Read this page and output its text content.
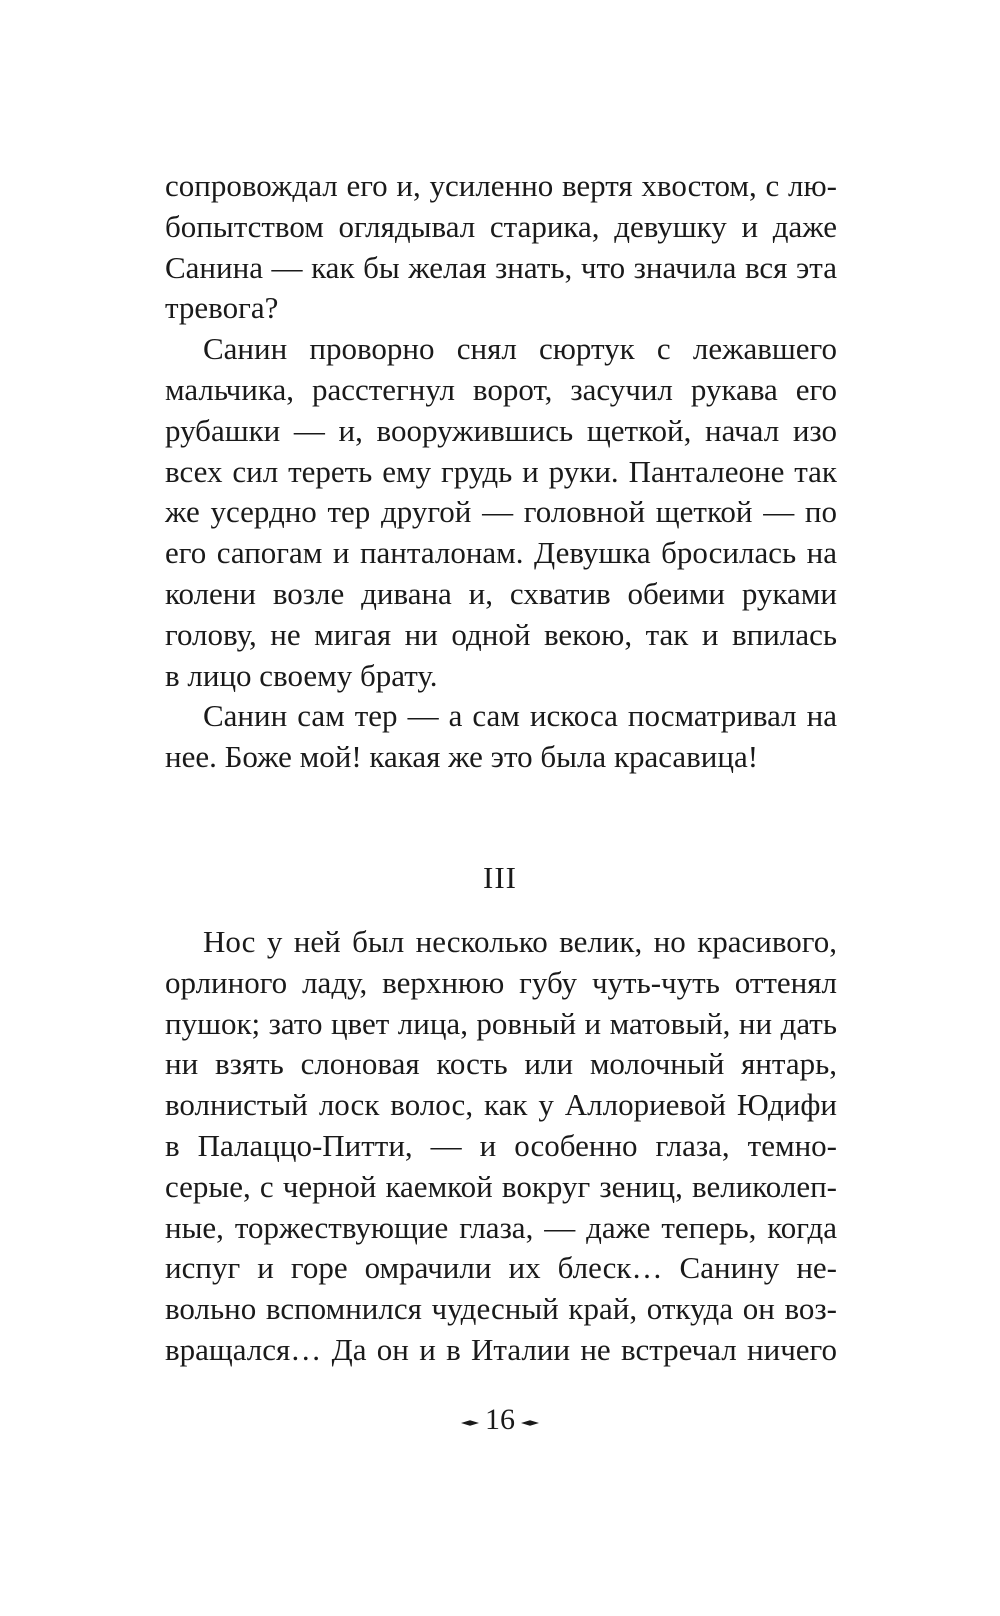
сопровождал его и, усиленно вертя хвостом, с лю-
бопытством оглядывал старика, девушку и даже
Санина — как бы желая знать, что значила вся эта
тревога?
Санин проворно снял сюртук с лежавшего
мальчика, расстегнул ворот, засучил рукава его
рубашки — и, вооружившись щеткой, начал изо
всех сил тереть ему грудь и руки. Панталеоне так
же усердно тер другой — головной щеткой — по
его сапогам и панталонам. Девушка бросилась на
колени возле дивана и, схватив обеими руками
голову, не мигая ни одной векою, так и впилась
в лицо своему брату.
Санин сам тер — а сам искоса посматривал на
нее. Боже мой! какая же это была красавица!
III
Нос у ней был несколько велик, но красивого,
орлиного ладу, верхнюю губу чуть-чуть оттенял
пушок; зато цвет лица, ровный и матовый, ни дать
ни взять слоновая кость или молочный янтарь,
волнистый лоск волос, как у Аллориевой Юдифи
в Палаццо-Питти, — и особенно глаза, темно-
серые, с черной каемкой вокруг зениц, великолеп-
ные, торжествующие глаза, — даже теперь, когда
испуг и горе омрачили их блеск… Санину не-
вольно вспомнился чудесный край, откуда он воз-
вращался… Да он и в Италии не встречал ничего
16
